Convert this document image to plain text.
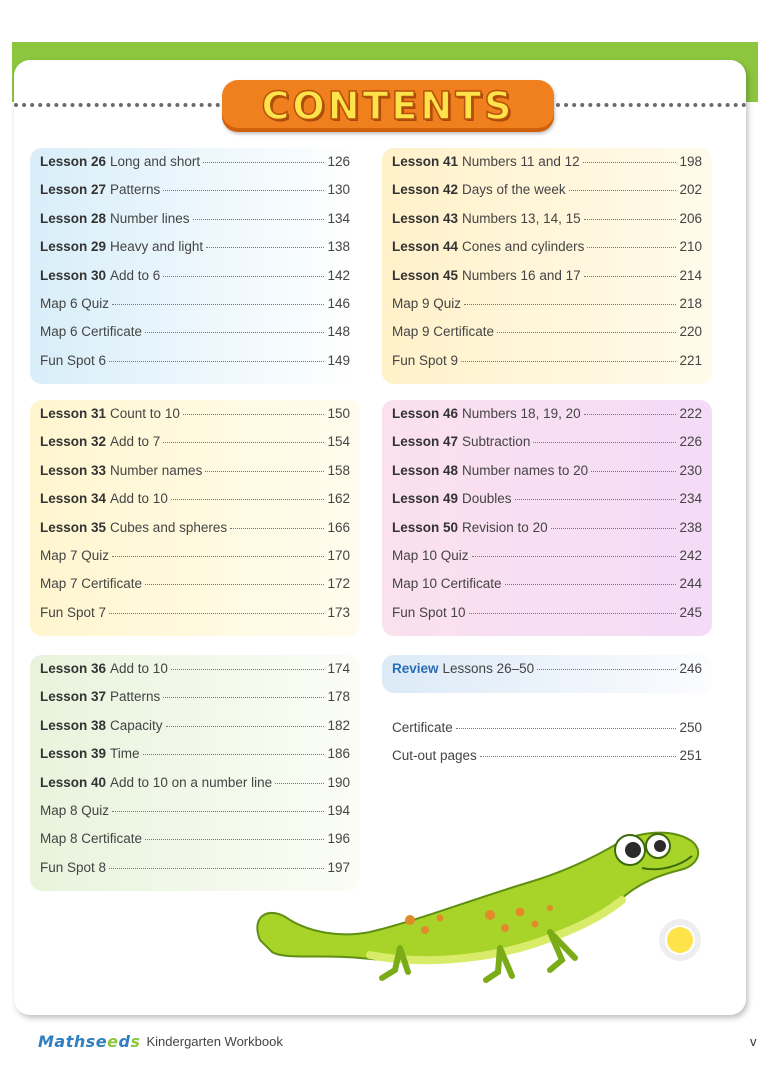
CONTENTS
Lesson 26 Long and short	126
Lesson 27 Patterns	130
Lesson 28 Number lines	134
Lesson 29 Heavy and light	138
Lesson 30 Add to 6	142
Map 6 Quiz	146
Map 6 Certificate	148
Fun Spot 6	149
Lesson 31 Count to 10	150
Lesson 32 Add to 7	154
Lesson 33 Number names	158
Lesson 34 Add to 10	162
Lesson 35 Cubes and spheres	166
Map 7 Quiz	170
Map 7 Certificate	172
Fun Spot 7	173
Lesson 36 Add to 10	174
Lesson 37 Patterns	178
Lesson 38 Capacity	182
Lesson 39 Time	186
Lesson 40 Add to 10 on a number line	190
Map 8 Quiz	194
Map 8 Certificate	196
Fun Spot 8	197
Lesson 41 Numbers 11 and 12	198
Lesson 42 Days of the week	202
Lesson 43 Numbers 13, 14, 15	206
Lesson 44 Cones and cylinders	210
Lesson 45 Numbers 16 and 17	214
Map 9 Quiz	218
Map 9 Certificate	220
Fun Spot 9	221
Lesson 46 Numbers 18, 19, 20	222
Lesson 47 Subtraction	226
Lesson 48 Number names to 20	230
Lesson 49 Doubles	234
Lesson 50 Revision to 20	238
Map 10 Quiz	242
Map 10 Certificate	244
Fun Spot 10	245
Review Lessons 26–50	246
Certificate	250
Cut-out pages	251
Mathseeds Kindergarten Workbook	v
